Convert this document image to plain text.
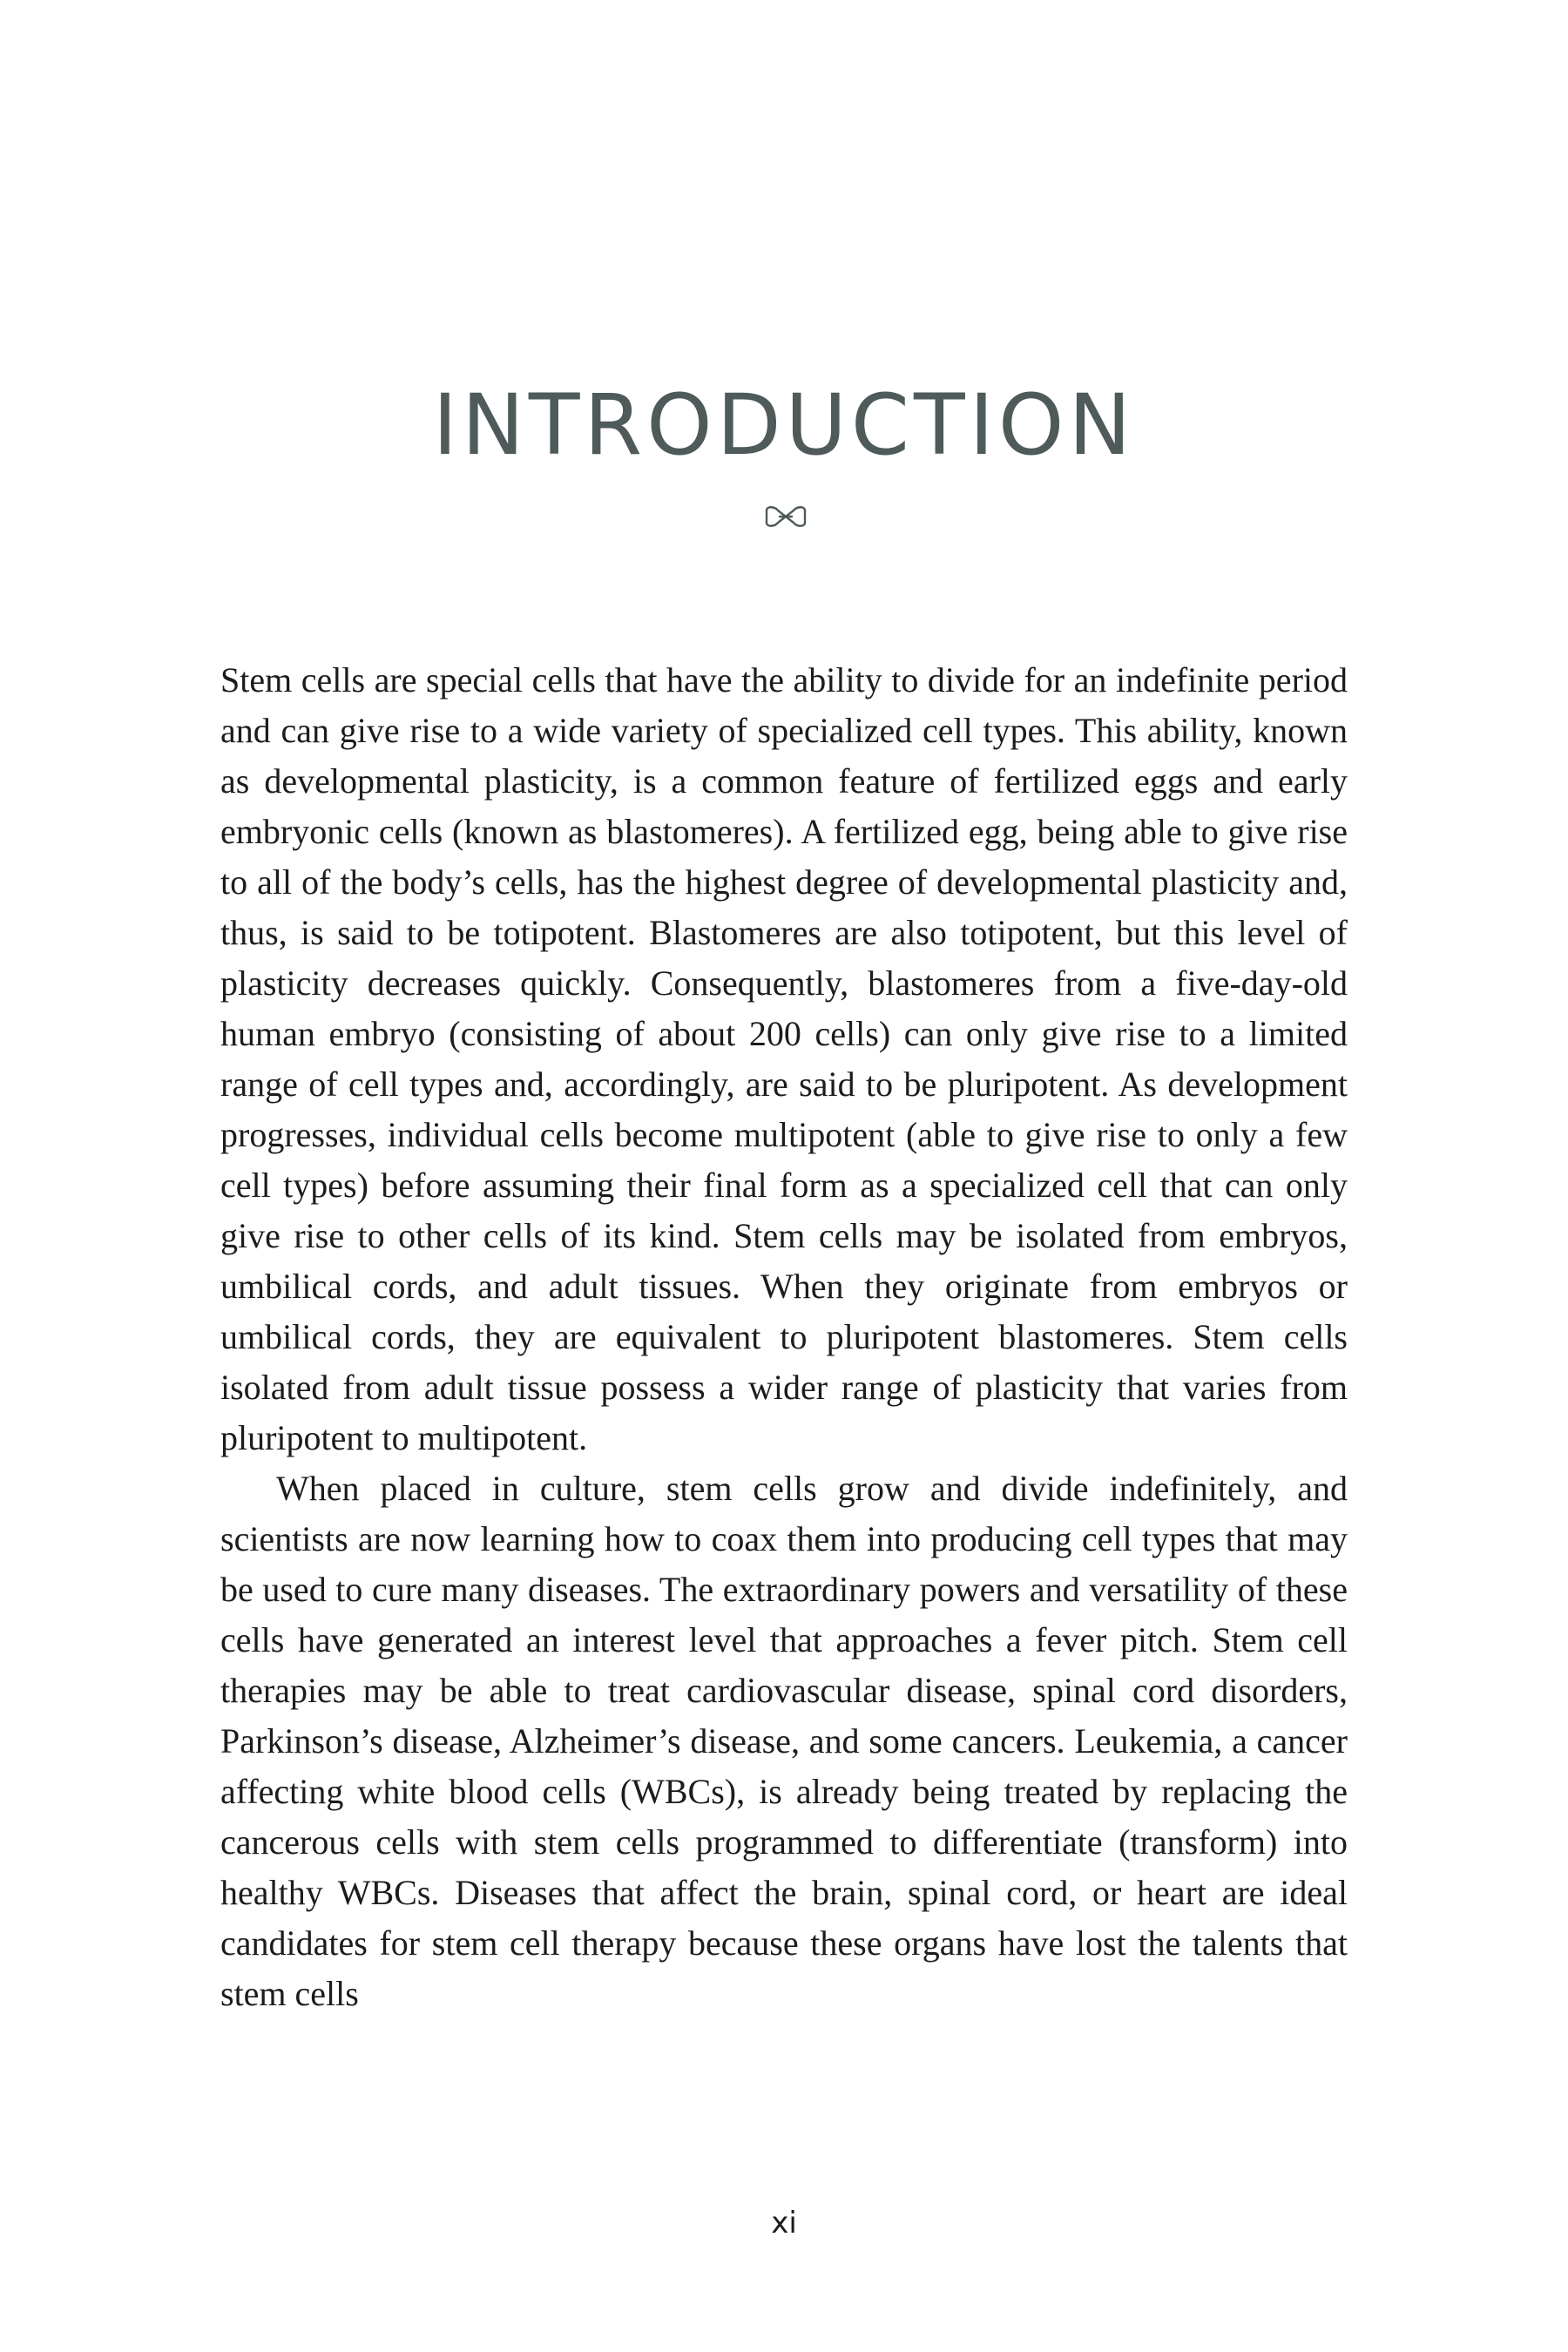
INTRODUCTION

Stem cells are special cells that have the ability to divide for an indefinite period and can give rise to a wide variety of specialized cell types. This ability, known as developmental plasticity, is a common feature of fertilized eggs and early embryonic cells (known as blastomeres). A fertilized egg, being able to give rise to all of the body’s cells, has the highest degree of developmental plasticity and, thus, is said to be totipotent. Blastomeres are also totipotent, but this level of plasticity decreases quickly. Consequently, blastomeres from a five-day-old human embryo (consisting of about 200 cells) can only give rise to a limited range of cell types and, accordingly, are said to be pluripotent. As development progresses, individual cells become multipotent (able to give rise to only a few cell types) before assuming their final form as a specialized cell that can only give rise to other cells of its kind. Stem cells may be isolated from embryos, umbilical cords, and adult tissues. When they originate from embryos or umbilical cords, they are equivalent to pluripotent blastomeres. Stem cells isolated from adult tissue possess a wider range of plasticity that varies from pluripotent to multipotent.

When placed in culture, stem cells grow and divide indefinitely, and scientists are now learning how to coax them into producing cell types that may be used to cure many diseases. The extraordinary powers and versatility of these cells have generated an interest level that approaches a fever pitch. Stem cell therapies may be able to treat cardiovascular disease, spinal cord disorders, Parkinson’s disease, Alzheimer’s disease, and some cancers. Leukemia, a cancer affecting white blood cells (WBCs), is already being treated by replacing the cancerous cells with stem cells programmed to differentiate (transform) into healthy WBCs. Diseases that affect the brain, spinal cord, or heart are ideal candidates for stem cell therapy because these organs have lost the talents that stem cells

xi
